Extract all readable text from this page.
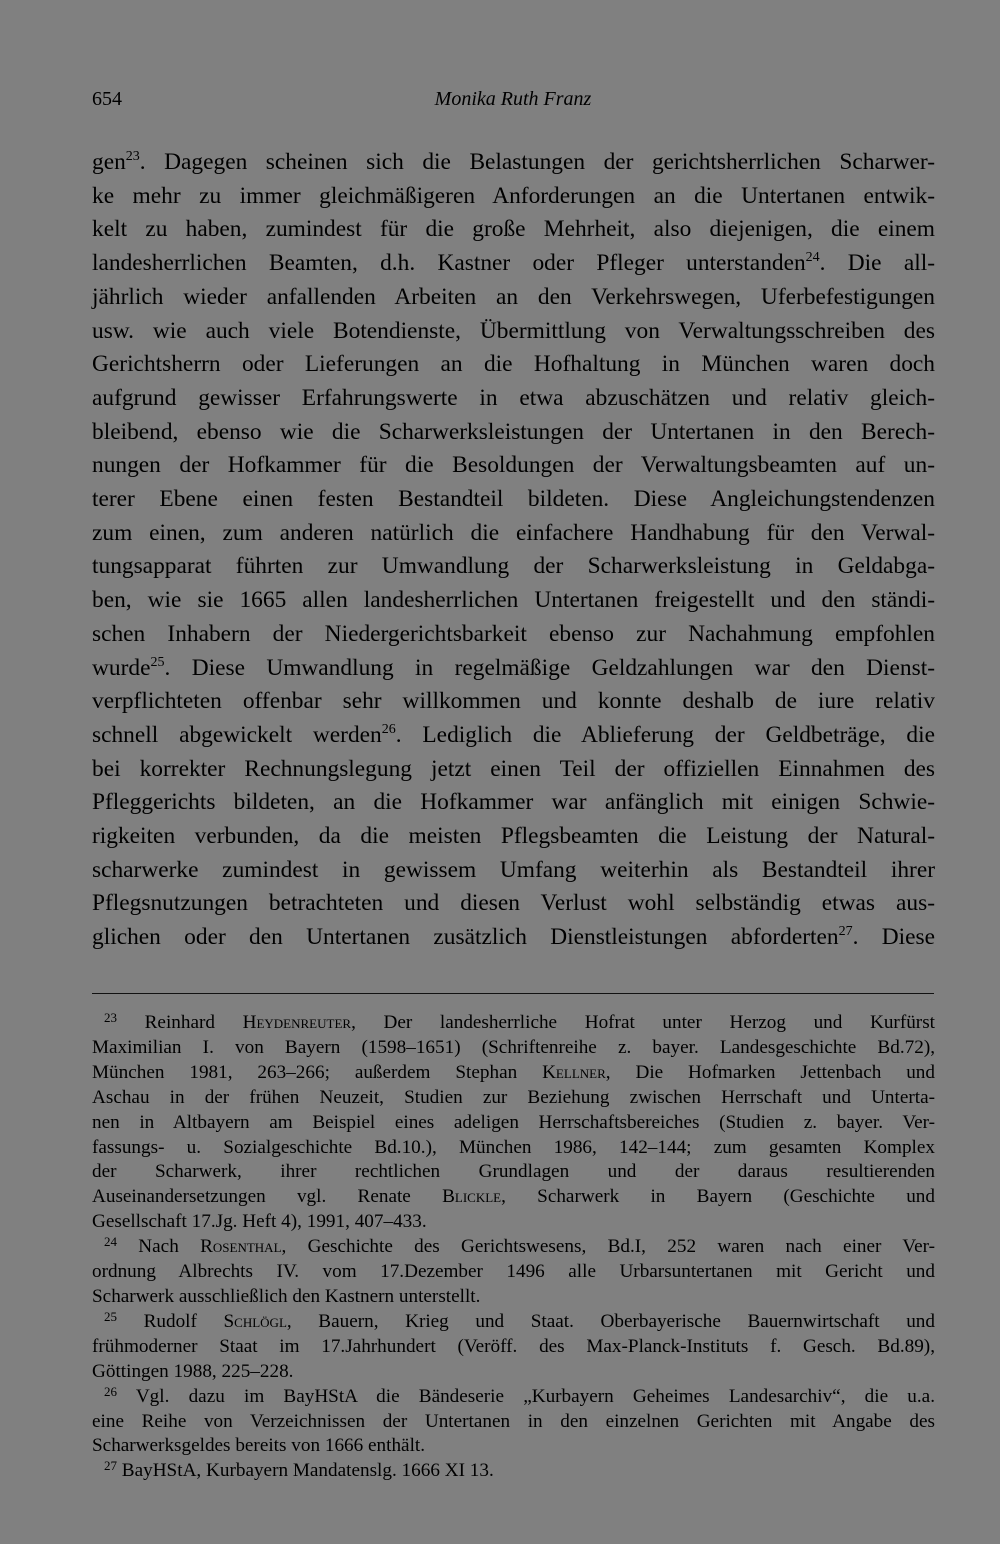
654	Monika Ruth Franz
gen$^{23}$. Dagegen scheinen sich die Belastungen der gerichtsherrlichen Scharwer-
ke mehr zu immer gleichmäßigeren Anforderungen an die Untertanen entwik-
kelt zu haben, zumindest für die große Mehrheit, also diejenigen, die einem
landesherrlichen Beamten, d.h. Kastner oder Pfleger unterstanden$^{24}$. Die all-
jährlich wieder anfallenden Arbeiten an den Verkehrswegen, Uferbefestigungen
usw. wie auch viele Botendienste, Übermittlung von Verwaltungsschreiben des
Gerichtsherrn oder Lieferungen an die Hofhaltung in München waren doch
aufgrund gewisser Erfahrungswerte in etwa abzuschätzen und relativ gleich-
bleibend, ebenso wie die Scharwerksleistungen der Untertanen in den Berech-
nungen der Hofkammer für die Besoldungen der Verwaltungsbeamten auf un-
terer Ebene einen festen Bestandteil bildeten. Diese Angleichungstendenzen
zum einen, zum anderen natürlich die einfachere Handhabung für den Verwal-
tungsapparat führten zur Umwandlung der Scharwerksleistung in Geldabga-
ben, wie sie 1665 allen landesherrlichen Untertanen freigestellt und den ständi-
schen Inhabern der Niedergerichtsbarkeit ebenso zur Nachahmung empfohlen
wurde$^{25}$. Diese Umwandlung in regelmäßige Geldzahlungen war den Dienst-
verpflichteten offenbar sehr willkommen und konnte deshalb de iure relativ
schnell abgewickelt werden$^{26}$. Lediglich die Ablieferung der Geldbeträge, die
bei korrekter Rechnungslegung jetzt einen Teil der offiziellen Einnahmen des
Pfleggerichts bildeten, an die Hofkammer war anfänglich mit einigen Schwie-
rigkeiten verbunden, da die meisten Pflegsbeamten die Leistung der Natural-
scharwerke zumindest in gewissem Umfang weiterhin als Bestandteil ihrer
Pflegsnutzungen betrachteten und diesen Verlust wohl selbständig etwas aus-
glichen oder den Untertanen zusätzlich Dienstleistungen abforderten$^{27}$. Diese
$^{23}$ Reinhard Heydenreuter, Der landesherrliche Hofrat unter Herzog und Kurfürst
Maximilian I. von Bayern (1598–1651) (Schriftenreihe z. bayer. Landesgeschichte Bd.72),
München 1981, 263–266; außerdem Stephan Kellner, Die Hofmarken Jettenbach und
Aschau in der frühen Neuzeit, Studien zur Beziehung zwischen Herrschaft und Unterta-
nen in Altbayern am Beispiel eines adeligen Herrschaftsbereiches (Studien z. bayer. Ver-
fassungs- u. Sozialgeschichte Bd.10.), München 1986, 142–144; zum gesamten Komplex
der Scharwerk, ihrer rechtlichen Grundlagen und der daraus resultierenden
Auseinandersetzungen vgl. Renate Blickle, Scharwerk in Bayern (Geschichte und
Gesellschaft 17.Jg. Heft 4), 1991, 407–433.
$^{24}$ Nach Rosenthal, Geschichte des Gerichtswesens, Bd.I, 252 waren nach einer Ver-
ordnung Albrechts IV. vom 17.Dezember 1496 alle Urbarsuntertanen mit Gericht und
Scharwerk ausschließlich den Kastnern unterstellt.
$^{25}$ Rudolf Schlögl, Bauern, Krieg und Staat. Oberbayerische Bauernwirtschaft und
frühmoderner Staat im 17.Jahrhundert (Veröff. des Max-Planck-Instituts f. Gesch. Bd.89),
Göttingen 1988, 225–228.
$^{26}$ Vgl. dazu im BayHStA die Bändeserie „Kurbayern Geheimes Landesarchiv“, die u.a.
eine Reihe von Verzeichnissen der Untertanen in den einzelnen Gerichten mit Angabe des
Scharwerksgeldes bereits von 1666 enthält.
$^{27}$ BayHStA, Kurbayern Mandatenslg. 1666 XI 13.
